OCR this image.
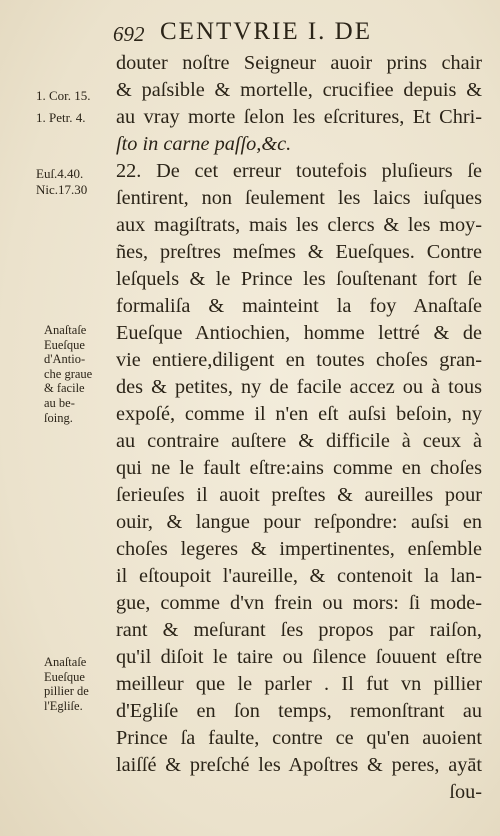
692 CENTVRIE I. DE
1. Cor. 15.
1. Petr. 4.
Euſ.4.40.
Nic.17.30
Anaſtaſe
Eueſque
d'Antio-
che graue
& facile
au be-
ſoing.
Anaſtaſe
Eueſque
pillier de
l'Egliſe.
douter noſtre Seigneur auoir prins chair
& paſsible & mortelle, crucifiee depuis &
au vray morte ſelon les eſcritures, Et Chri-
ſto in carne paſſo,&c.
22. De cet erreur toutefois pluſieurs ſe
ſentirent, non ſeulement les laics iuſques
aux magiſtrats, mais les clercs & les moy-
ñes, preſtres meſmes & Eueſques. Contre
leſquels & le Prince les ſouſtenant fort ſe
formaliſa & mainteint la foy Anaſtaſe
Eueſque Antiochien, homme lettré & de
vie entiere,diligent en toutes choſes gran-
des & petites, ny de facile accez ou à tous
expoſé, comme il n'en eſt auſsi beſoin, ny
au contraire auſtere & difficile à ceux à
qui ne le fault eſtre:ains comme en choſes
ſerieuſes il auoit preſtes & aureilles pour
ouir, & langue pour reſpondre: auſsi en
choſes legeres & impertinentes, enſemble
il eſtoupoit l'aureille, & contenoit la lan-
gue, comme d'vn frein ou mors: ſi mode-
rant & meſurant ſes propos par raiſon,
qu'il diſoit le taire ou ſilence ſouuent eſtre
meilleur que le parler . Il fut vn pillier
d'Egliſe en ſon temps, remonſtrant au
Prince ſa faulte, contre ce qu'en auoient
laiſſé & preſché les Apoſtres & peres, ayāt
ſou-
